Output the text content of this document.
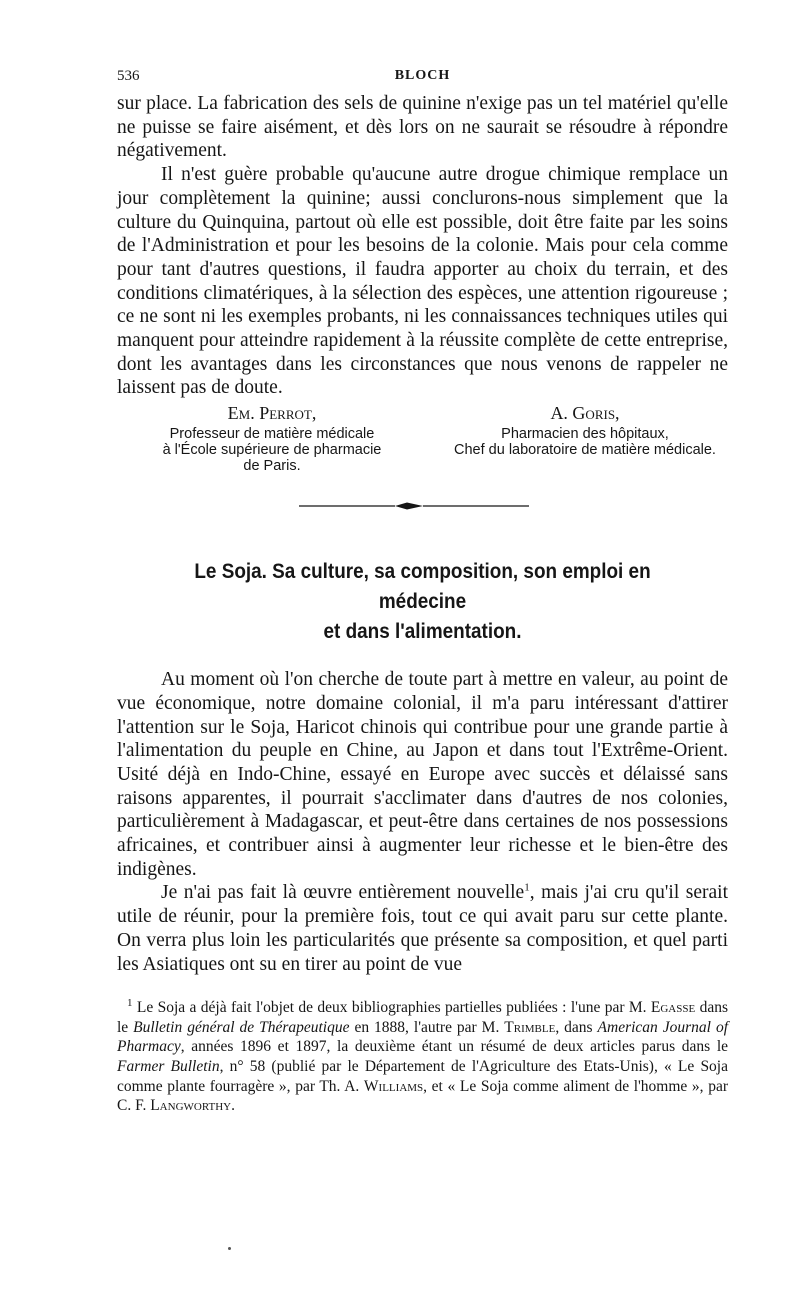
536	BLOCH

sur place. La fabrication des sels de quinine n'exige pas un tel matériel qu'elle ne puisse se faire aisément, et dès lors on ne saurait se résoudre à répondre négativement.

Il n'est guère probable qu'aucune autre drogue chimique remplace un jour complètement la quinine; aussi conclurons-nous simplement que la culture du Quinquina, partout où elle est possible, doit être faite par les soins de l'Administration et pour les besoins de la colonie. Mais pour cela comme pour tant d'autres questions, il faudra apporter au choix du terrain, et des conditions climatériques, à la sélection des espèces, une attention rigoureuse ; ce ne sont ni les exemples probants, ni les connaissances techniques utiles qui manquent pour atteindre rapidement à la réussite complète de cette entreprise, dont les avantages dans les circonstances que nous venons de rappeler ne laissent pas de doute.

Em. Perrot,
Professeur de matière médicale
à l'École supérieure de pharmacie
de Paris.
A. Goris,
Pharmacien des hôpitaux,
Chef du laboratoire de matière médicale.
Le Soja. Sa culture, sa composition, son emploi en médecine
et dans l'alimentation.

Au moment où l'on cherche de toute part à mettre en valeur, au point de vue économique, notre domaine colonial, il m'a paru intéressant d'attirer l'attention sur le Soja, Haricot chinois qui contribue pour une grande partie à l'alimentation du peuple en Chine, au Japon et dans tout l'Extrême-Orient. Usité déjà en Indo-Chine, essayé en Europe avec succès et délaissé sans raisons apparentes, il pourrait s'acclimater dans d'autres de nos colonies, particulièrement à Madagascar, et peut-être dans certaines de nos possessions africaines, et contribuer ainsi à augmenter leur richesse et le bien-être des indigènes.

Je n'ai pas fait là œuvre entièrement nouvelle$^1$, mais j'ai cru qu'il serait utile de réunir, pour la première fois, tout ce qui avait paru sur cette plante. On verra plus loin les particularités que présente sa composition, et quel parti les Asiatiques ont su en tirer au point de vue

$^1$ Le Soja a déjà fait l'objet de deux bibliographies partielles publiées : l'une par M. Egasse dans le Bulletin général de Thérapeutique en 1888, l'autre par M. Trimble, dans American Journal of Pharmacy, années 1896 et 1897, la deuxième étant un résumé de deux articles parus dans le Farmer Bulletin, n° 58 (publié par le Département de l'Agriculture des Etats-Unis), « Le Soja comme plante fourragère », par Th. A. Williams, et « Le Soja comme aliment de l'homme », par C. F. Langworthy.
